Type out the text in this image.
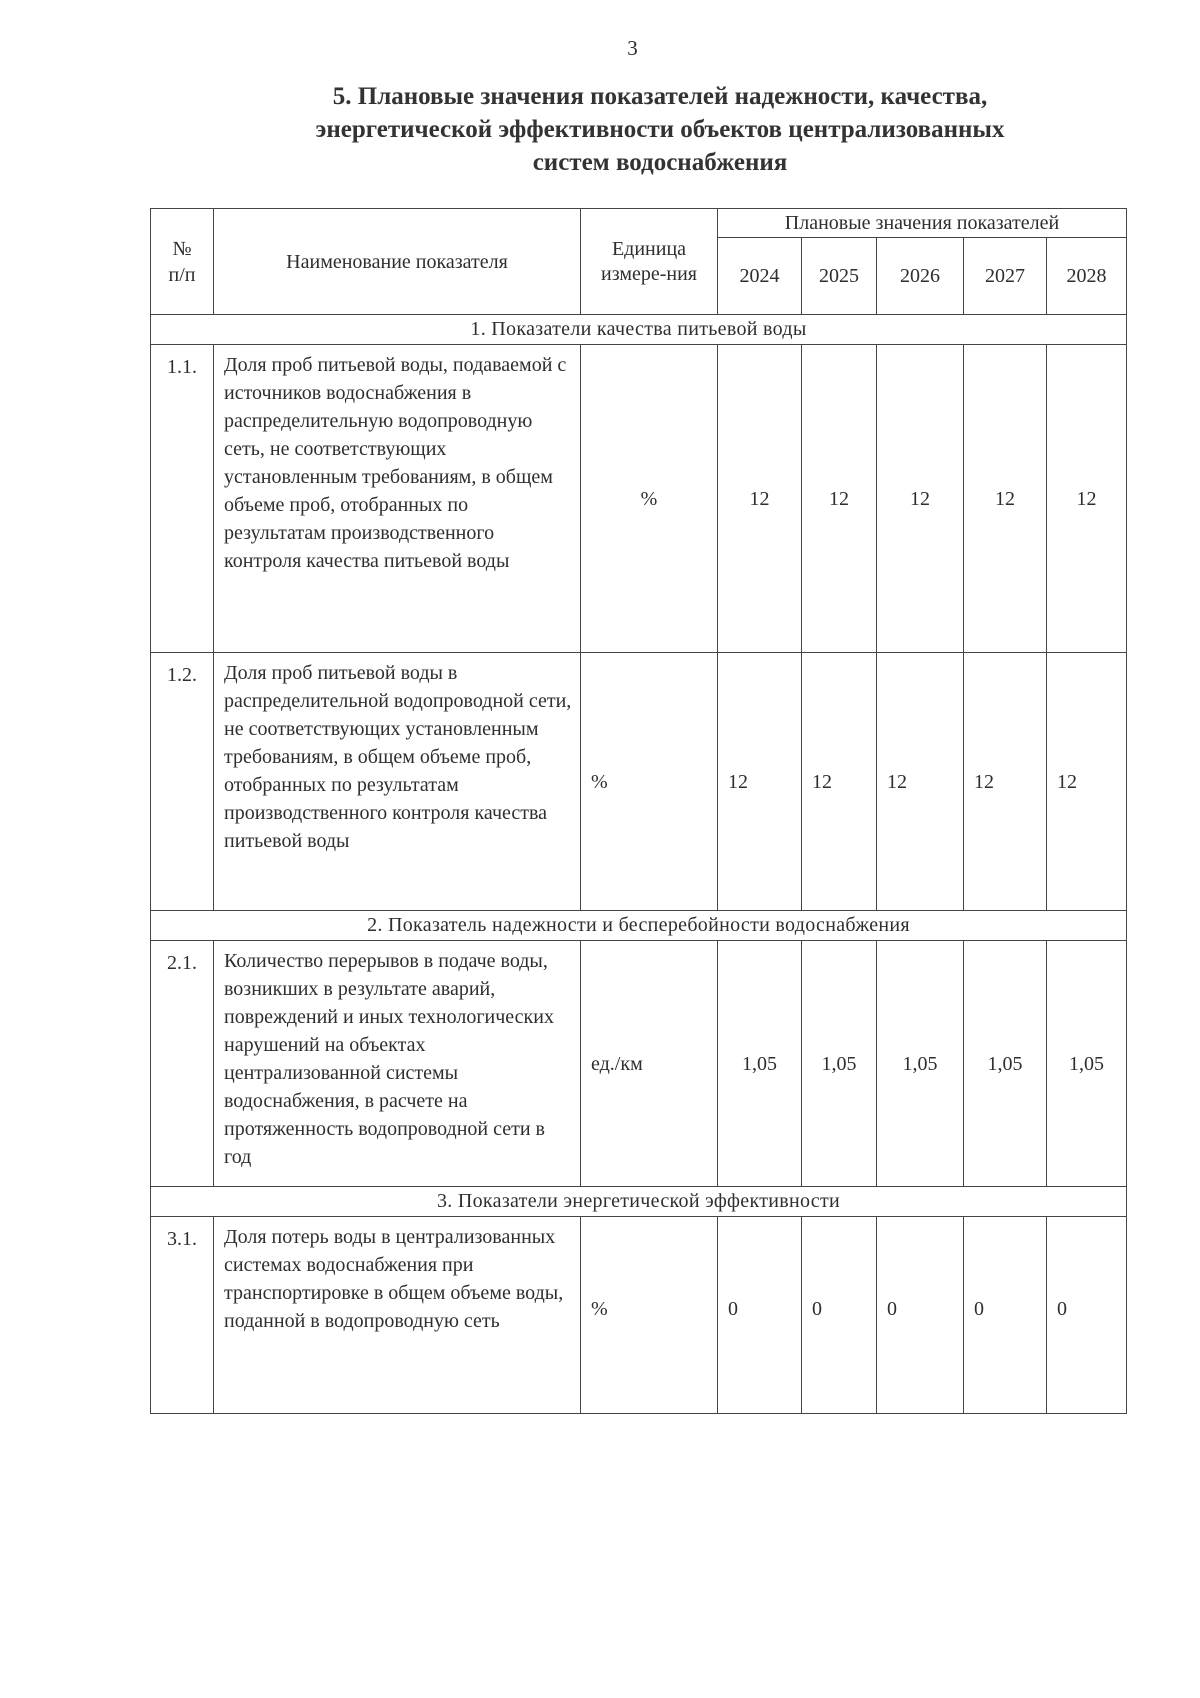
3
5. Плановые значения показателей надежности, качества,
энергетической эффективности объектов централизованных
систем водоснабжения
№ п/п	Наименование показателя	Единица измере-ния	Плановые значения показателей				
			2024	2025	2026	2027	2028
1. Показатели качества питьевой воды							
1.1.	Доля проб питьевой воды, подаваемой с источников водоснабжения в распределительную водопроводную сеть, не соответствующих установленным требованиям, в общем объеме проб, отобранных по результатам производственного контроля качества питьевой воды	%	12	12	12	12	12
1.2.	Доля проб питьевой воды в распределительной водопроводной сети, не соответствующих установленным требованиям, в общем объеме проб, отобранных по результатам производственного контроля качества питьевой воды	%	12	12	12	12	12
2. Показатель надежности и бесперебойности водоснабжения							
2.1.	Количество перерывов в подаче воды, возникших в результате аварий, повреждений и иных технологических нарушений на объектах централизованной системы водоснабжения, в расчете на протяженность водопроводной сети в год	ед./км	1,05	1,05	1,05	1,05	1,05
3. Показатели энергетической эффективности							
3.1.	Доля потерь воды в централизованных системах водоснабжения при транспортировке в общем объеме воды, поданной в водопроводную сеть	%	0	0	0	0	0
